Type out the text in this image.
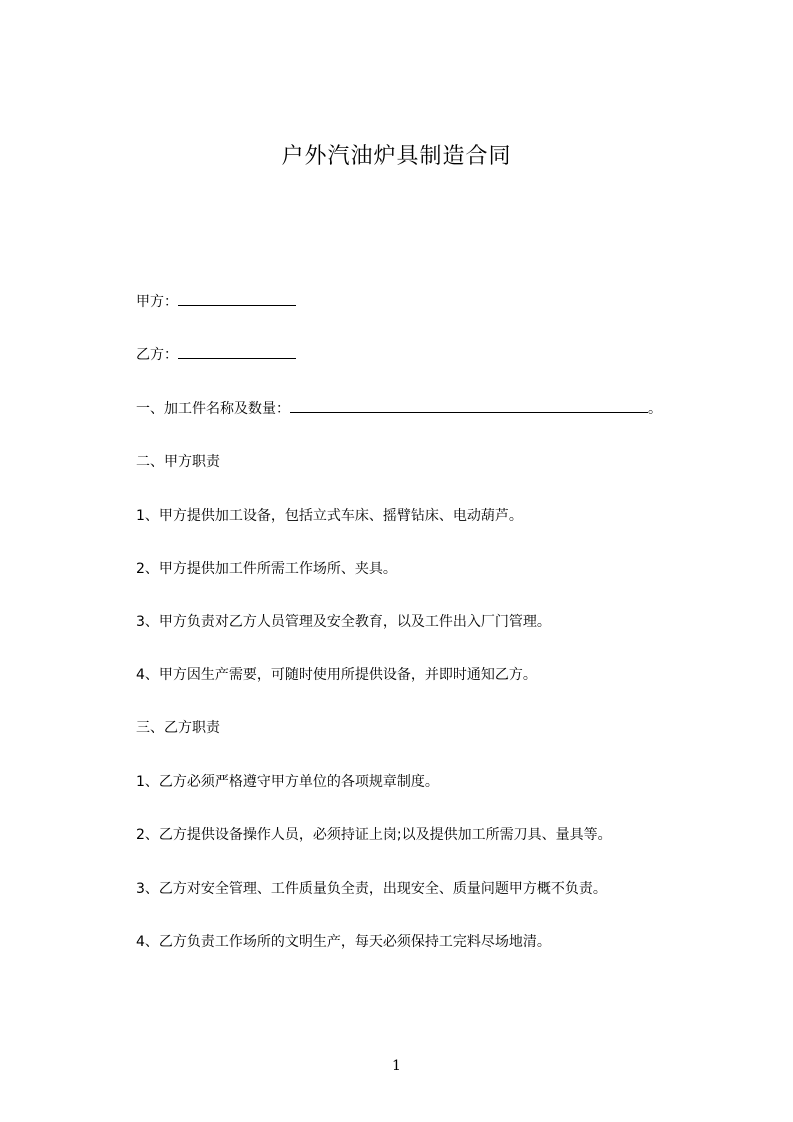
户外汽油炉具制造合同
甲方：
乙方：
一、加工件名称及数量：	。
二、甲方职责
1、甲方提供加工设备，包括立式车床、摇臂钻床、电动葫芦。
2、甲方提供加工件所需工作场所、夹具。
3、甲方负责对乙方人员管理及安全教育，以及工件出入厂门管理。
4、甲方因生产需要，可随时使用所提供设备，并即时通知乙方。
三、乙方职责
1、乙方必须严格遵守甲方单位的各项规章制度。
2、乙方提供设备操作人员，必须持证上岗;以及提供加工所需刀具、量具等。
3、乙方对安全管理、工件质量负全责，出现安全、质量问题甲方概不负责。
4、乙方负责工作场所的文明生产，每天必须保持工完料尽场地清。
1
